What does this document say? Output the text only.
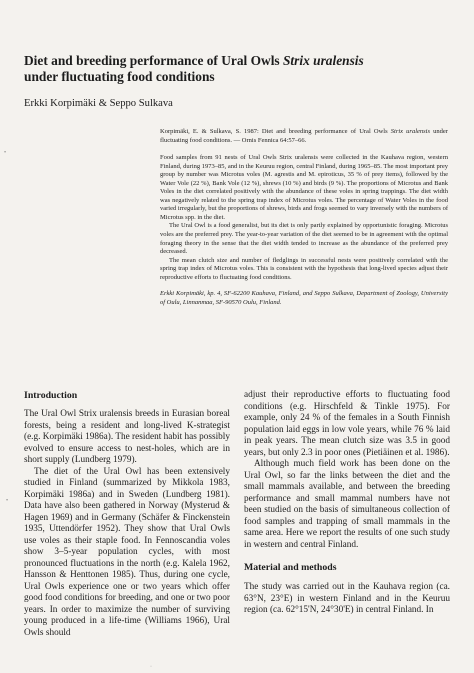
Diet and breeding performance of Ural Owls Strix uralensis
under fluctuating food conditions
Erkki Korpimäki & Seppo Sulkava

Korpimäki, E. & Sulkava, S. 1987: Diet and breeding performance of Ural Owls Strix uralensis under fluctuating food conditions. — Ornis Fennica 64:57–66.

Food samples from 91 nests of Ural Owls Strix uralensis were collected in the Kauhava region, western Finland, during 1973–85, and in the Keuruu region, central Finland, during 1965–85. The most important prey group by number was Microtus voles (M. agrestis and M. epiroticus, 35 % of prey items), followed by the Water Vole (22 %), Bank Vole (12 %), shrews (10 %) and birds (9 %). The proportions of Microtus and Bank Voles in the diet correlated positively with the abundance of these voles in spring trappings. The diet width was negatively related to the spring trap index of Microtus voles. The percentage of Water Voles in the food varied irregularly, but the proportions of shrews, birds and frogs seemed to vary inversely with the numbers of Microtus spp. in the diet.

The Ural Owl is a food generalist, but its diet is only partly explained by opportunistic foraging. Microtus voles are the preferred prey. The year-to-year variation of the diet seemed to be in agreement with the optimal foraging theory in the sense that the diet width tended to increase as the abundance of the preferred prey decreased.

The mean clutch size and number of fledglings in successful nests were positively correlated with the spring trap index of Microtus voles. This is consistent with the hypothesis that long-lived species adjust their reproductive efforts to fluctuating food conditions.

Erkki Korpimäki, kp. 4, SF-62200 Kauhava, Finland, and Seppo Sulkava, Department of Zoology, University of Oulu, Linnanmaa, SF-90570 Oulu, Finland.

Introduction

The Ural Owl Strix uralensis breeds in Eurasian boreal forests, being a resident and long-lived K-strategist (e.g. Korpimäki 1986a). The resident habit has possibly evolved to ensure access to nest-holes, which are in short supply (Lundberg 1979).

The diet of the Ural Owl has been extensively studied in Finland (summarized by Mikkola 1983, Korpimäki 1986a) and in Sweden (Lundberg 1981). Data have also been gathered in Norway (Mysterud & Hagen 1969) and in Germany (Schäfer & Finckenstein 1935, Uttendörfer 1952). They show that Ural Owls use voles as their staple food. In Fennoscandia voles show 3–5-year population cycles, with most pronounced fluctuations in the north (e.g. Kalela 1962, Hansson & Henttonen 1985). Thus, during one cycle, Ural Owls experience one or two years which offer good food conditions for breeding, and one or two poor years. In order to maximize the number of surviving young produced in a life-time (Williams 1966), Ural Owls should

adjust their reproductive efforts to fluctuating food conditions (e.g. Hirschfeld & Tinkle 1975). For example, only 24 % of the females in a South Finnish population laid eggs in low vole years, while 76 % laid in peak years. The mean clutch size was 3.5 in good years, but only 2.3 in poor ones (Pietiäinen et al. 1986).

Although much field work has been done on the Ural Owl, so far the links between the diet and the small mammals available, and between the breeding performance and small mammal numbers have not been studied on the basis of simultaneous collection of food samples and trapping of small mammals in the same area. Here we report the results of one such study in western and central Finland.

Material and methods

The study was carried out in the Kauhava region (ca. 63°N, 23°E) in western Finland and in the Keuruu region (ca. 62°15'N, 24°30'E) in central Finland. In

•
•
·
